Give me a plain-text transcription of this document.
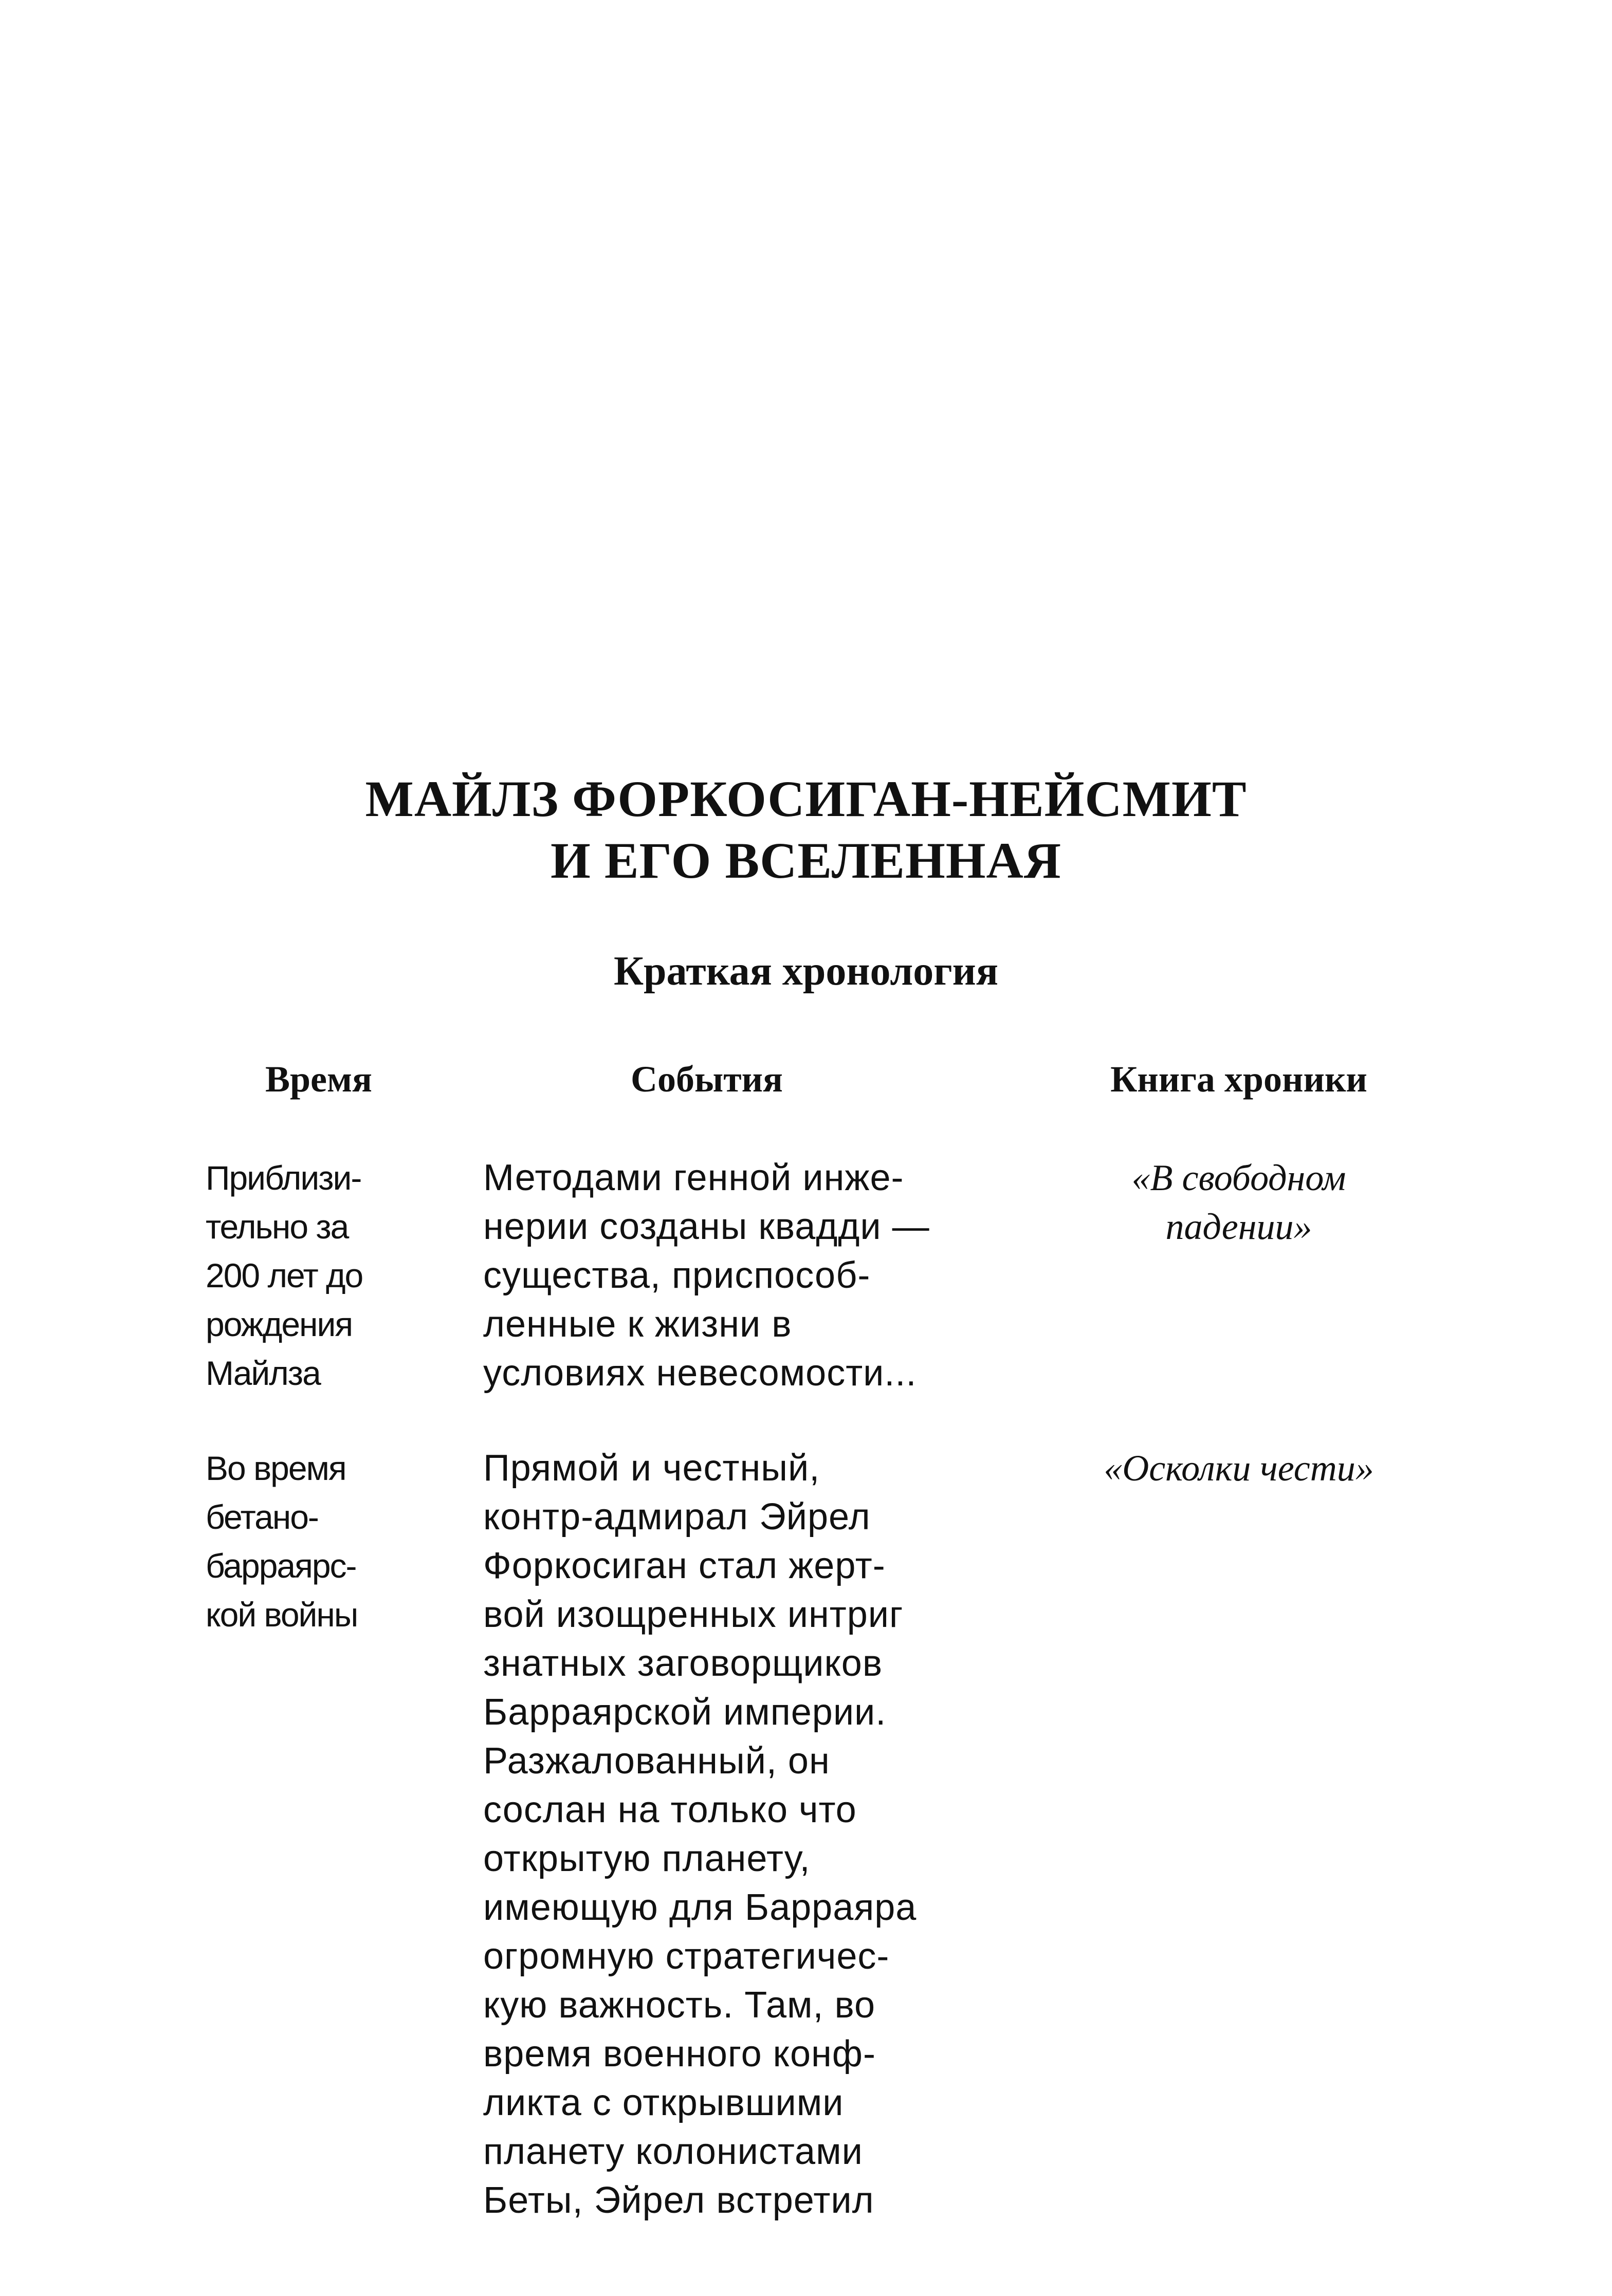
МАЙЛЗ ФОРКОСИГАН-НЕЙСМИТ
И ЕГО ВСЕЛЕННАЯ
Краткая хронология
Время	События	Книга хроники
Приблизи-
тельно за
200 лет до
рождения
Майлза
Методами генной инже-
нерии созданы квадди —
существа, приспособ-
ленные к жизни в
условиях невесомости...
«В свободном
падении»
Во время
бетано-
барраярс-
кой войны
Прямой и честный,
контр-адмирал Эйрел
Форкосиган стал жерт-
вой изощренных интриг
знатных заговорщиков
Барраярской империи.
Разжалованный, он
сослан на только что
открытую планету,
имеющую для Барраяра
огромную стратегичес-
кую важность. Там, во
время военного конф-
ликта с открывшими
планету колонистами
Беты, Эйрел встретил
«Осколки чести»
